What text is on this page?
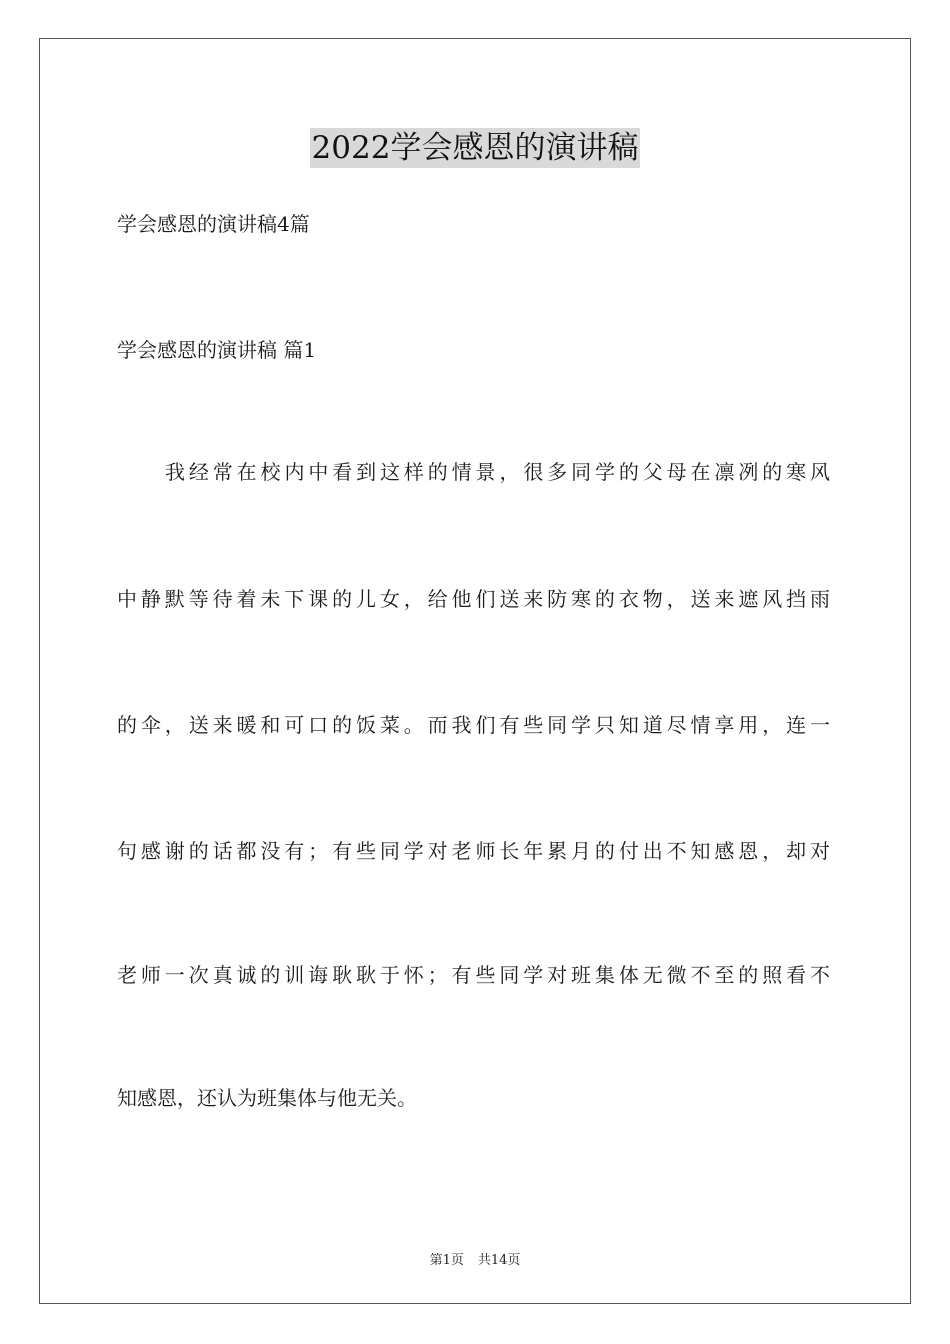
2022学会感恩的演讲稿
学会感恩的演讲稿4篇
学会感恩的演讲稿 篇1
我经常在校内中看到这样的情景，很多同学的父母在凛冽的寒风
中静默等待着未下课的儿女，给他们送来防寒的衣物，送来遮风挡雨
的伞，送来暖和可口的饭菜。而我们有些同学只知道尽情享用，连一
句感谢的话都没有；有些同学对老师长年累月的付出不知感恩，却对
老师一次真诚的训诲耿耿于怀；有些同学对班集体无微不至的照看不
知感恩，还认为班集体与他无关。
第1页 共14页
